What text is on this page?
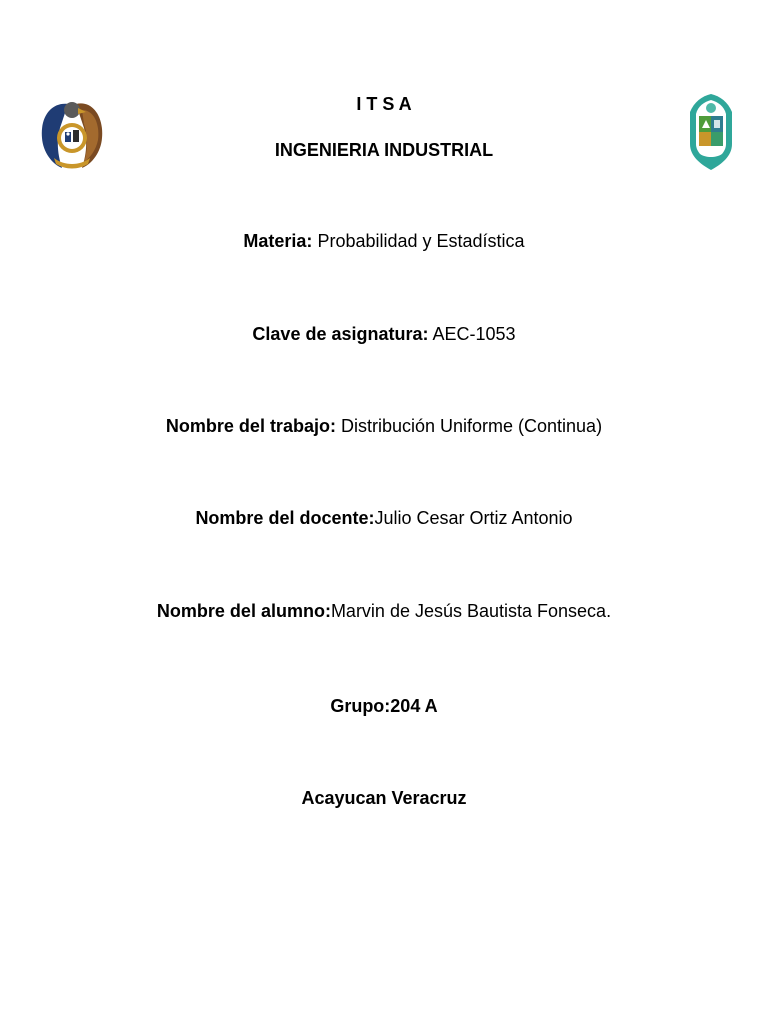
I T S A
INGENIERIA INDUSTRIAL
Materia: Probabilidad y Estadística
Clave de asignatura: AEC-1053
Nombre del trabajo: Distribución Uniforme (Continua)
Nombre del docente:Julio Cesar Ortiz Antonio
Nombre del alumno:Marvin de Jesús Bautista Fonseca.
Grupo:204 A
Acayucan Veracruz
